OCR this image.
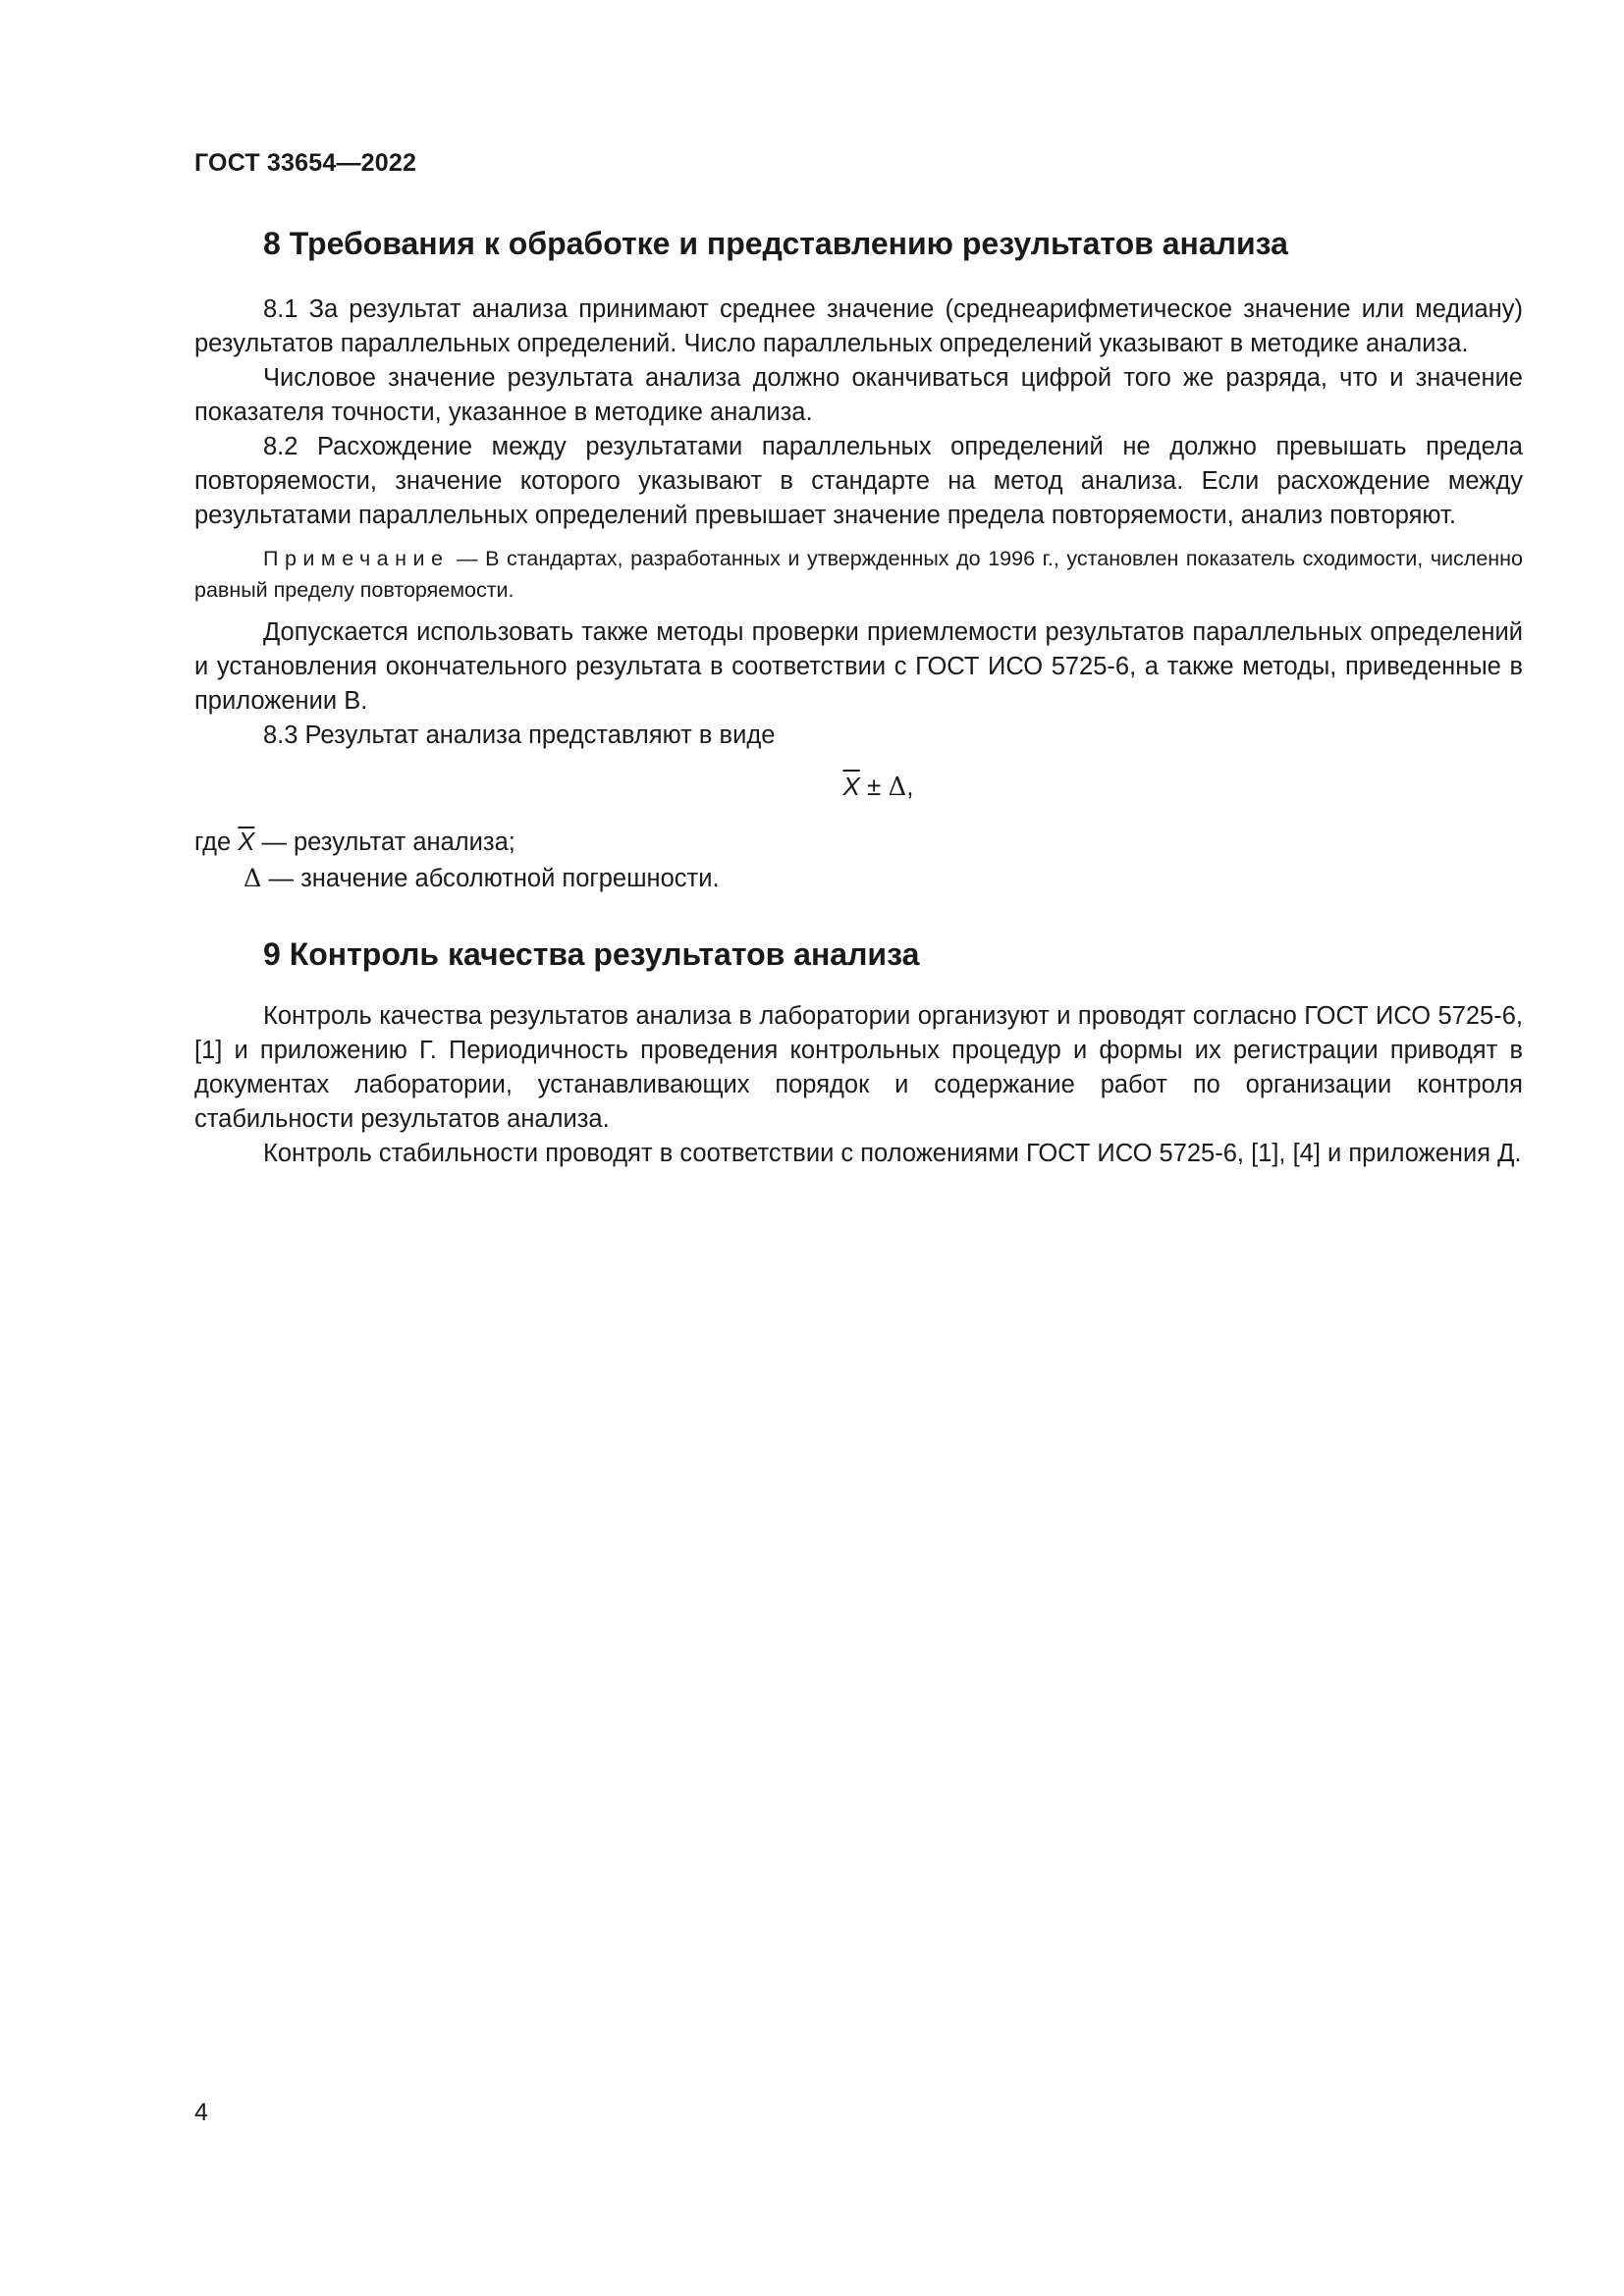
ГОСТ 33654—2022
8 Требования к обработке и представлению результатов анализа

8.1 За результат анализа принимают среднее значение (среднеарифметическое значение или медиану) результатов параллельных определений. Число параллельных определений указывают в методике анализа.

Числовое значение результата анализа должно оканчиваться цифрой того же разряда, что и значение показателя точности, указанное в методике анализа.

8.2 Расхождение между результатами параллельных определений не должно превышать предела повторяемости, значение которого указывают в стандарте на метод анализа. Если расхождение между результатами параллельных определений превышает значение предела повторяемости, анализ повторяют.

Примечание — В стандартах, разработанных и утвержденных до 1996 г., установлен показатель сходимости, численно равный пределу повторяемости.

Допускается использовать также методы проверки приемлемости результатов параллельных определений и установления окончательного результата в соответствии с ГОСТ ИСО 5725-6, а также методы, приведенные в приложении В.

8.3 Результат анализа представляют в виде

$\overline{X} \pm \Delta$,

где $\overline{X}$ — результат анализа;

Δ — значение абсолютной погрешности.

9 Контроль качества результатов анализа

Контроль качества результатов анализа в лаборатории организуют и проводят согласно ГОСТ ИСО 5725-6, [1] и приложению Г. Периодичность проведения контрольных процедур и формы их регистрации приводят в документах лаборатории, устанавливающих порядок и содержание работ по организации контроля стабильности результатов анализа.

Контроль стабильности проводят в соответствии с положениями ГОСТ ИСО 5725-6, [1], [4] и приложения Д.

4
